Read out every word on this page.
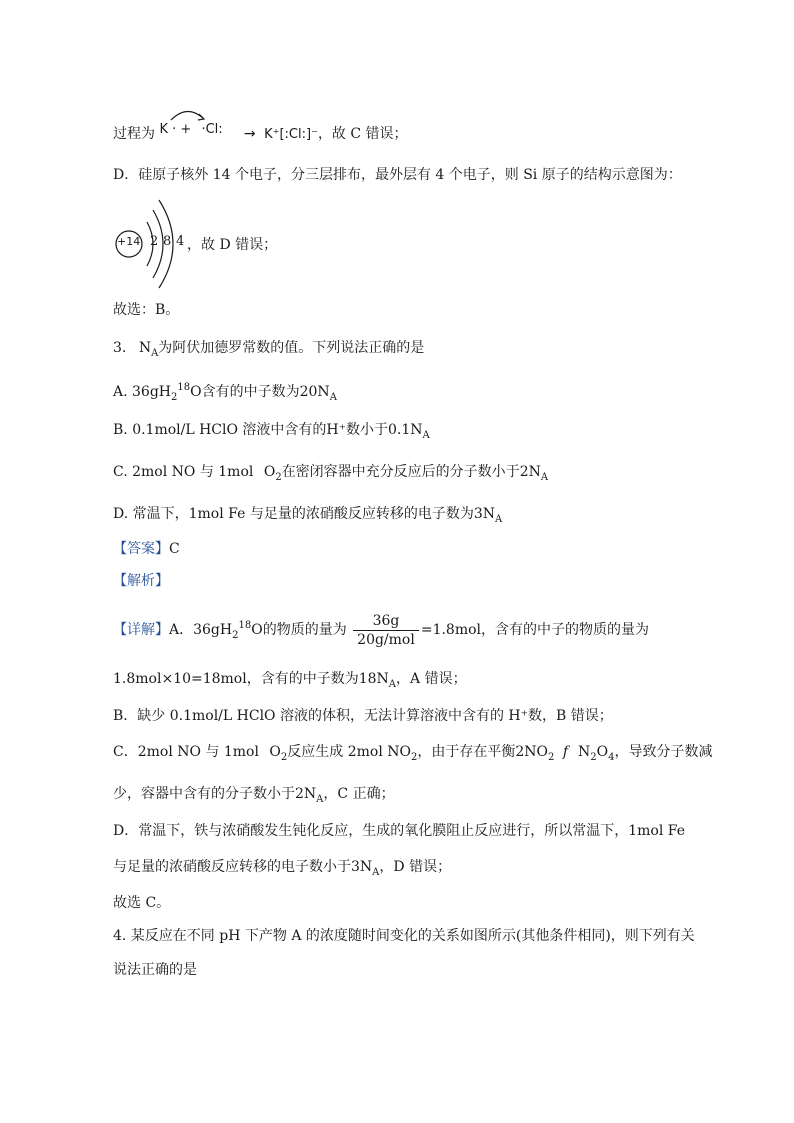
过程为 K · + ·Cl: → K⁺[:Cl:]⁻，故 C 错误；
D．硅原子核外 14 个电子，分三层排布，最外层有 4 个电子，则 Si 原子的结构示意图为：
+14 2 8 4 ，故 D 错误；
故选：B。
3. $N_A$为阿伏加德罗常数的值。下列说法正确的是
A. $36gH_2^{18}O$含有的中子数为$20N_A$
B. 0.1mol/L HClO 溶液中含有的H⁺数小于$0.1N_A$
C. 2mol NO 与 1mol $O_2$在密闭容器中充分反应后的分子数小于$2N_A$
D. 常温下，1mol Fe 与足量的浓硝酸反应转移的电子数为$3N_A$
【答案】C
【解析】
【详解】A．$36gH_2^{18}O$的物质的量为 $\frac{36g}{\text{20g/mol}} =1.8mol$，含有的中子的物质的量为
1.8mol×10=18mol，含有的中子数为$18N_A$，A 错误；
B．缺少 0.1mol/L HClO 溶液的体积，无法计算溶液中含有的 H⁺数，B 错误；
C．2mol NO 与 1mol $O_2$反应生成 2mol $NO_2$，由于存在平衡$2NO_2$ f $N_2O_4$，导致分子数减
少，容器中含有的分子数小于$2N_A$，C 正确；
D．常温下，铁与浓硝酸发生钝化反应，生成的氧化膜阻止反应进行，所以常温下，1mol Fe
与足量的浓硝酸反应转移的电子数小于$3N_A$，D 错误；
故选 C。
4. 某反应在不同 pH 下产物 A 的浓度随时间变化的关系如图所示(其他条件相同)，则下列有关
说法正确的是
